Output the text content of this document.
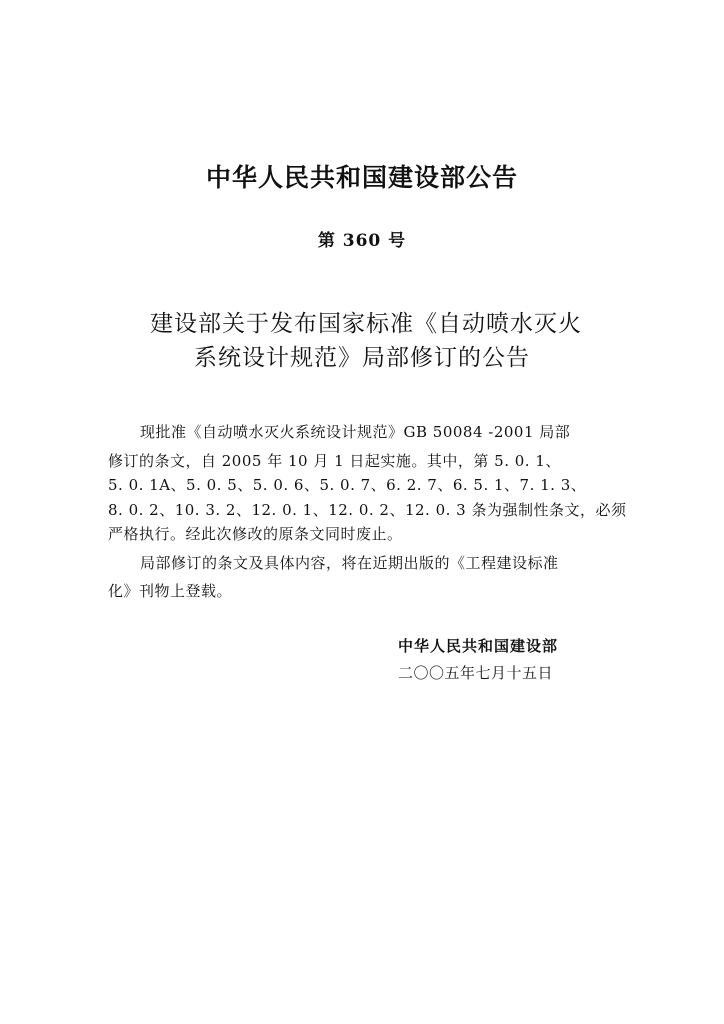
中华人民共和国建设部公告
第 360 号
建设部关于发布国家标准《自动喷水灭火
系统设计规范》局部修订的公告
现批准《自动喷水灭火系统设计规范》GB 50084 -2001 局部
修订的条文，自 2005 年 10 月 1 日起实施。其中，第 5. 0. 1、
5. 0. 1A、5. 0. 5、5. 0. 6、5. 0. 7、6. 2. 7、6. 5. 1、7. 1. 3、
8. 0. 2、10. 3. 2、12. 0. 1、12. 0. 2、12. 0. 3 条为强制性条文，必须
严格执行。经此次修改的原条文同时废止。
局部修订的条文及具体内容，将在近期出版的《工程建设标准
化》刊物上登载。
中华人民共和国建设部
二〇〇五年七月十五日
